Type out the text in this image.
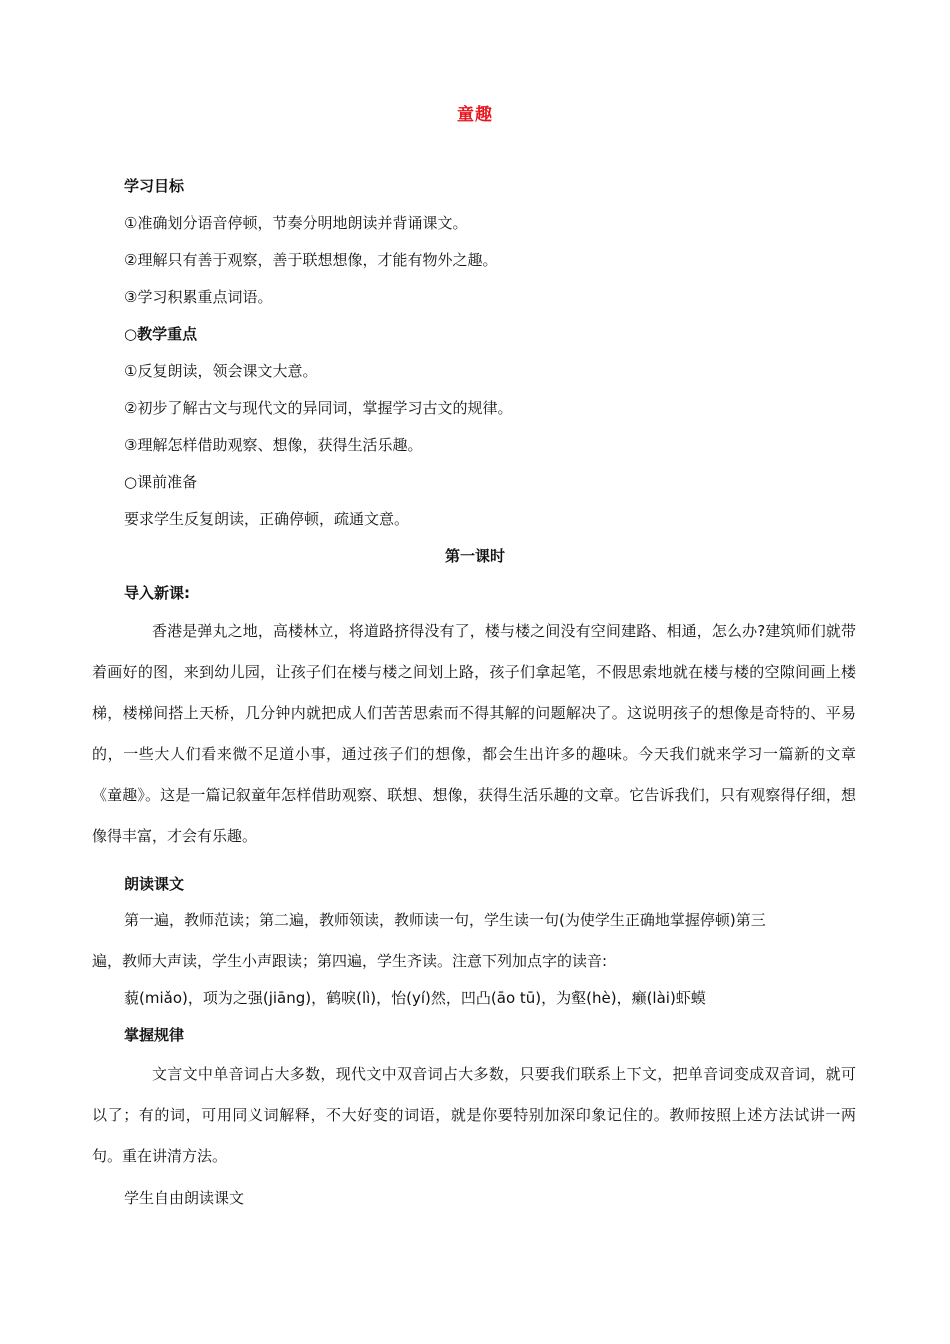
童趣
学习目标
①准确划分语音停顿，节奏分明地朗读并背诵课文。
②理解只有善于观察，善于联想想像，才能有物外之趣。
③学习积累重点词语。
○教学重点
①反复朗读，领会课文大意。
②初步了解古文与现代文的异同词，掌握学习古文的规律。
③理解怎样借助观察、想像，获得生活乐趣。
○课前准备
要求学生反复朗读，正确停顿，疏通文意。
第一课时
导入新课:
香港是弹丸之地，高楼林立，将道路挤得没有了，楼与楼之间没有空间建路、相通，怎么办?建筑师们就带着画好的图，来到幼儿园，让孩子们在楼与楼之间划上路，孩子们拿起笔，不假思索地就在楼与楼的空隙间画上楼梯，楼梯间搭上天桥，几分钟内就把成人们苦苦思索而不得其解的问题解决了。这说明孩子的想像是奇特的、平易的，一些大人们看来微不足道小事，通过孩子们的想像，都会生出许多的趣味。今天我们就来学习一篇新的文章《童趣》。这是一篇记叙童年怎样借助观察、联想、想像，获得生活乐趣的文章。它告诉我们，只有观察得仔细，想像得丰富，才会有乐趣。
朗读课文
第一遍，教师范读；第二遍，教师领读，教师读一句，学生读一句(为使学生正确地掌握停顿)第三
遍，教师大声读，学生小声跟读；第四遍，学生齐读。注意下列加点字的读音:
藐(miǎo)，项为之强(jiāng)，鹤唳(lì)，怡(yí)然，凹凸(āo tū)，为壑(hè)，癞(lài)虾蟆
掌握规律
文言文中单音词占大多数，现代文中双音词占大多数，只要我们联系上下文，把单音词变成双音词，就可以了；有的词，可用同义词解释，不大好变的词语，就是你要特别加深印象记住的。教师按照上述方法试讲一两句。重在讲清方法。
学生自由朗读课文
